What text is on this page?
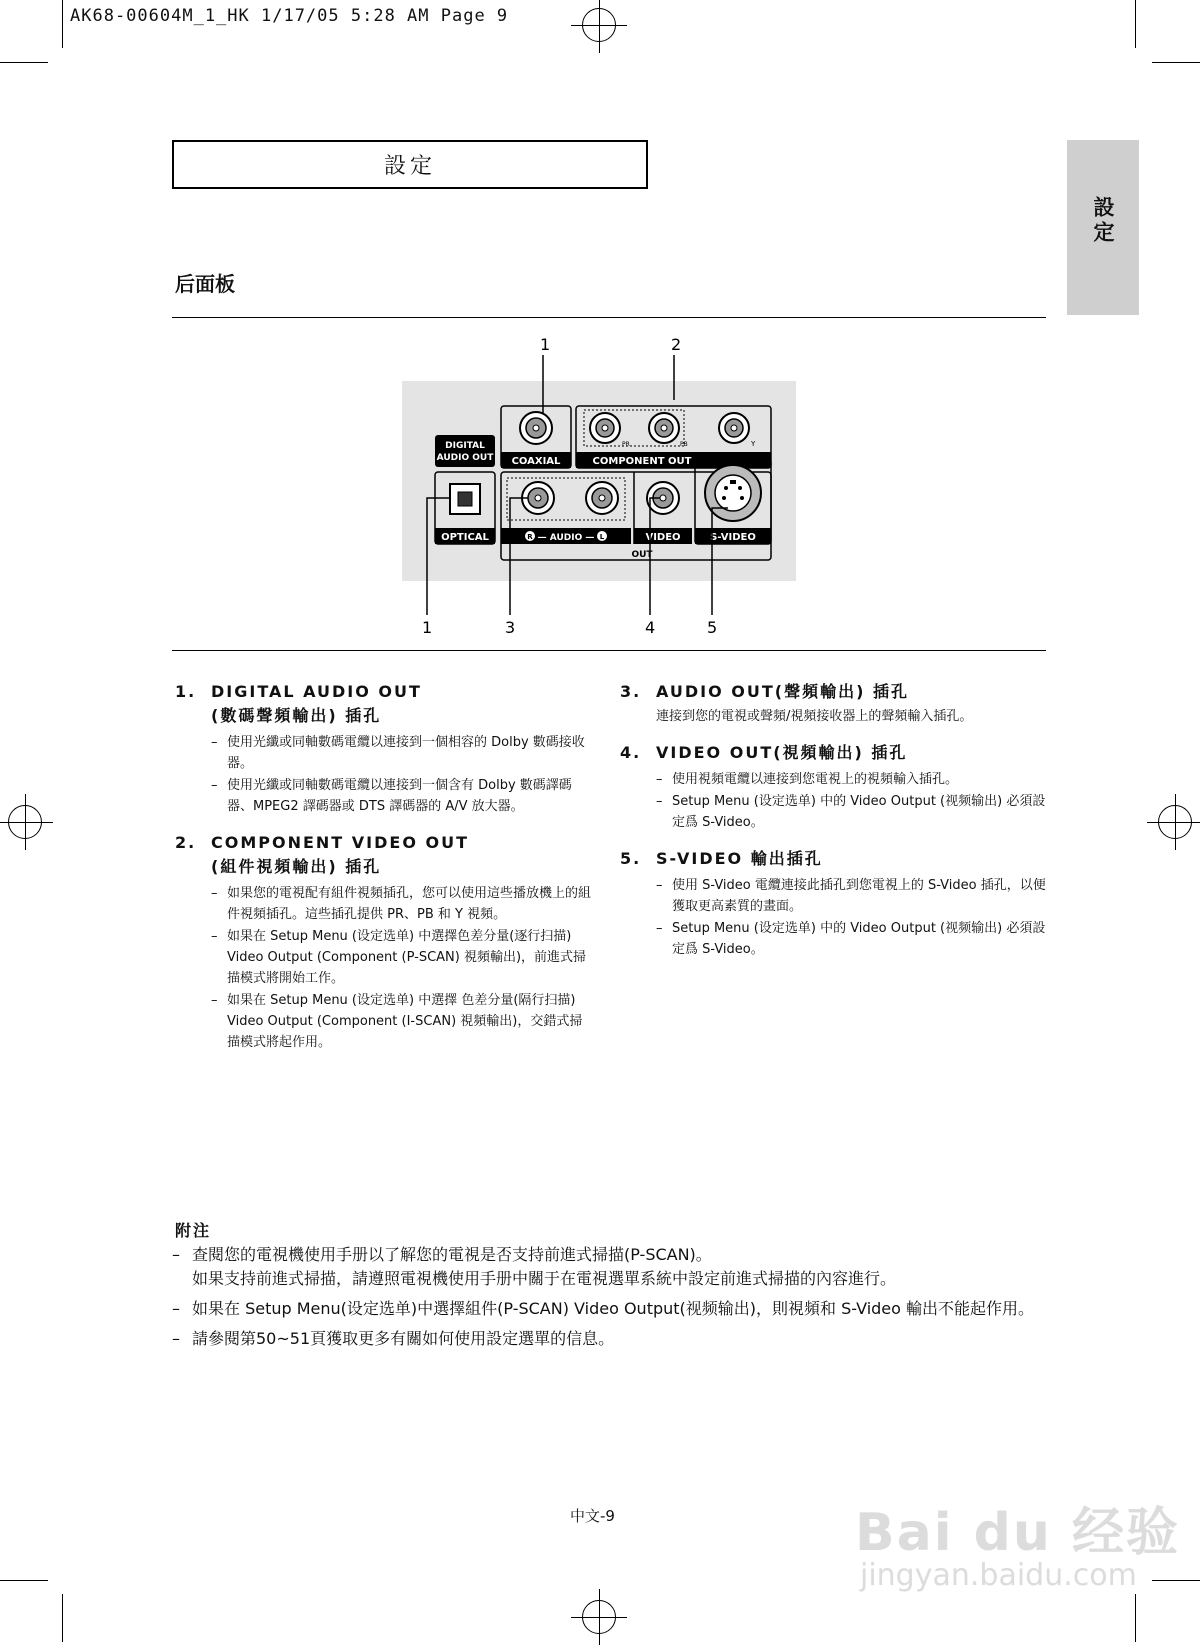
AK68-00604M_1_HK 1/17/05 5:28 AM Page 9
設定
設定
后面板
1	2
COAXIAL
PR	PB	Y
COMPONENT OUT
DIGITAL
AUDIO OUT
OPTICAL	R — AUDIO — L	VIDEO	S-VIDEO
OUT
1	3	4	5
1. DIGITAL AUDIO OUT
(數碼聲頻輸出) 插孔
– 使用光纖或同軸數碼電纜以連接到一個相容的 Dolby 數碼接收器。
– 使用光纖或同軸數碼電纜以連接到一個含有 Dolby 數碼譯碼器、MPEG2 譯碼器或 DTS 譯碼器的 A/V 放大器。
2. COMPONENT VIDEO OUT
(組件視頻輸出) 插孔
– 如果您的電視配有組件視頻插孔，您可以使用這些播放機上的組件視頻插孔。這些插孔提供 PR、PB 和 Y 視頻。
– 如果在 Setup Menu (设定选单) 中選擇色差分量(逐行扫描) Video Output (Component (P-SCAN) 視頻輸出)，前進式掃描模式將開始工作。
– 如果在 Setup Menu (设定选单) 中選擇 色差分量(隔行扫描) Video Output (Component (I-SCAN) 視頻輸出)，交錯式掃描模式將起作用。
3. AUDIO OUT(聲頻輸出) 插孔
連接到您的電視或聲頻/視頻接收器上的聲頻輸入插孔。
4. VIDEO OUT(視頻輸出) 插孔
– 使用視頻電纜以連接到您電視上的視頻輸入插孔。
– Setup Menu (设定选单) 中的 Video Output (视频输出) 必須設定爲 S-Video。
5. S-VIDEO 輸出插孔
– 使用 S-Video 電纜連接此插孔到您電視上的 S-Video 插孔，以便獲取更高素質的畫面。
– Setup Menu (设定选单) 中的 Video Output (视频输出) 必須設定爲 S-Video。
附注
– 查閱您的電視機使用手册以了解您的電視是否支持前進式掃描(P-SCAN)。
如果支持前進式掃描，請遵照電視機使用手册中關于在電視選單系統中設定前進式掃描的內容進行。
– 如果在 Setup Menu(设定选单)中選擇組件(P-SCAN) Video Output(视频输出)，則視頻和 S-Video 輸出不能起作用。
– 請參閱第50~51頁獲取更多有關如何使用設定選單的信息。
中文-9	Bai du 经验
jingyan.baidu.com
